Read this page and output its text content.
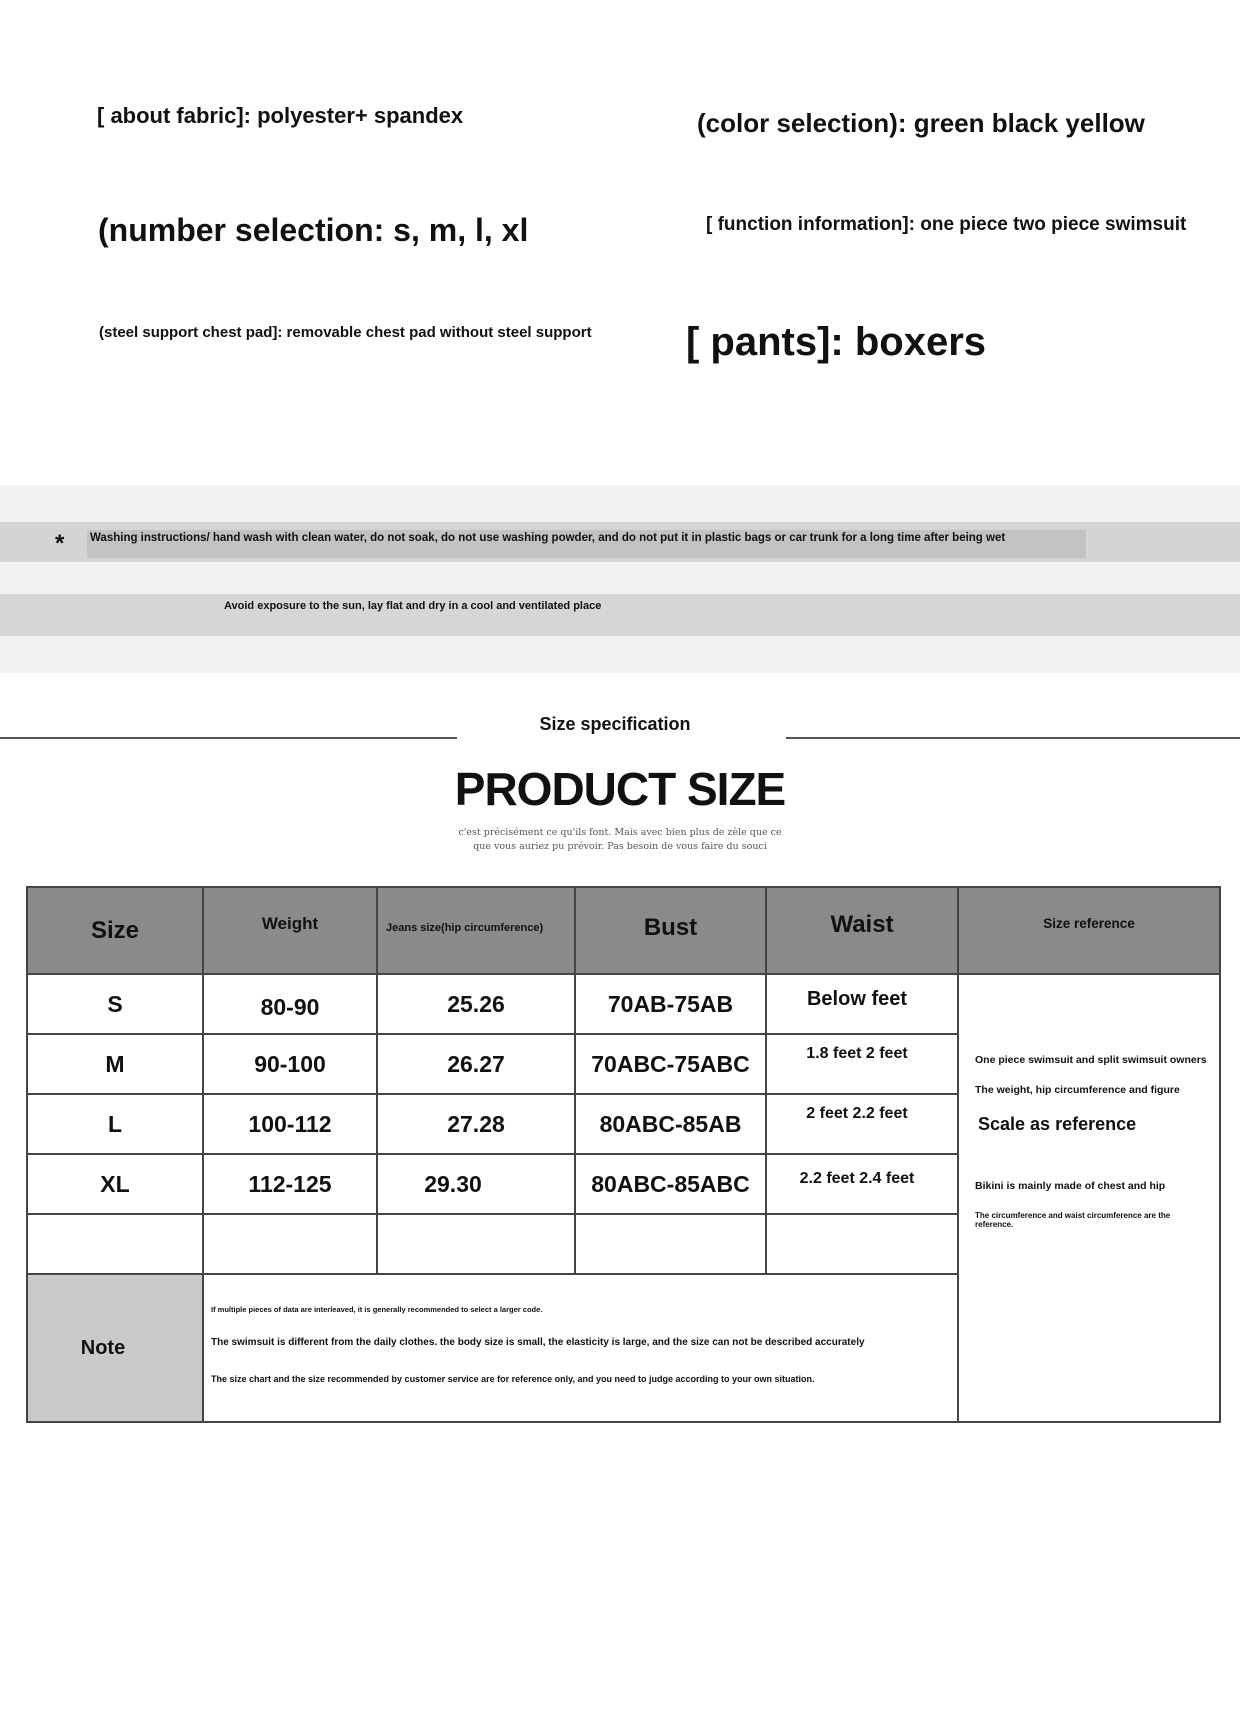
[ about fabric]: polyester+ spandex	(color selection): green black yellow
(number selection: s, m, l, xl	[ function information]: one piece two piece swimsuit
(steel support chest pad]: removable chest pad without steel support [ pants]: boxers
* Washing instructions/ hand wash with clean water, do not soak, do not use washing powder, and do not put it in plastic bags or car trunk for a long time after being wet
Avoid exposure to the sun, lay flat and dry in a cool and ventilated place
Size specification
PRODUCT SIZE
c'est précisément ce qu'ils font. Mais avec bien plus de zèle que ce
que vous auriez pu prévoir. Pas besoin de vous faire du souci
Size	Weight	Jeans size(hip circumference)	Bust	Waist	Size reference
S	80-90	25.26	70AB-75AB	Below feet
M	90-100	26.27	70ABC-75ABC	1.8 feet 2 feet
L	100-112	27.28	80ABC-85AB	2 feet 2.2 feet
XL	112-125	29.30	80ABC-85ABC	2.2 feet 2.4 feet
One piece swimsuit and split swimsuit owners
The weight, hip circumference and figure
Scale as reference
Bikini is mainly made of chest and hip
The circumference and waist circumference are the reference.
Note
If multiple pieces of data are interleaved, it is generally recommended to select a larger code.
The swimsuit is different from the daily clothes. the body size is small, the elasticity is large, and the size can not be described accurately
The size chart and the size recommended by customer service are for reference only, and you need to judge according to your own situation.
